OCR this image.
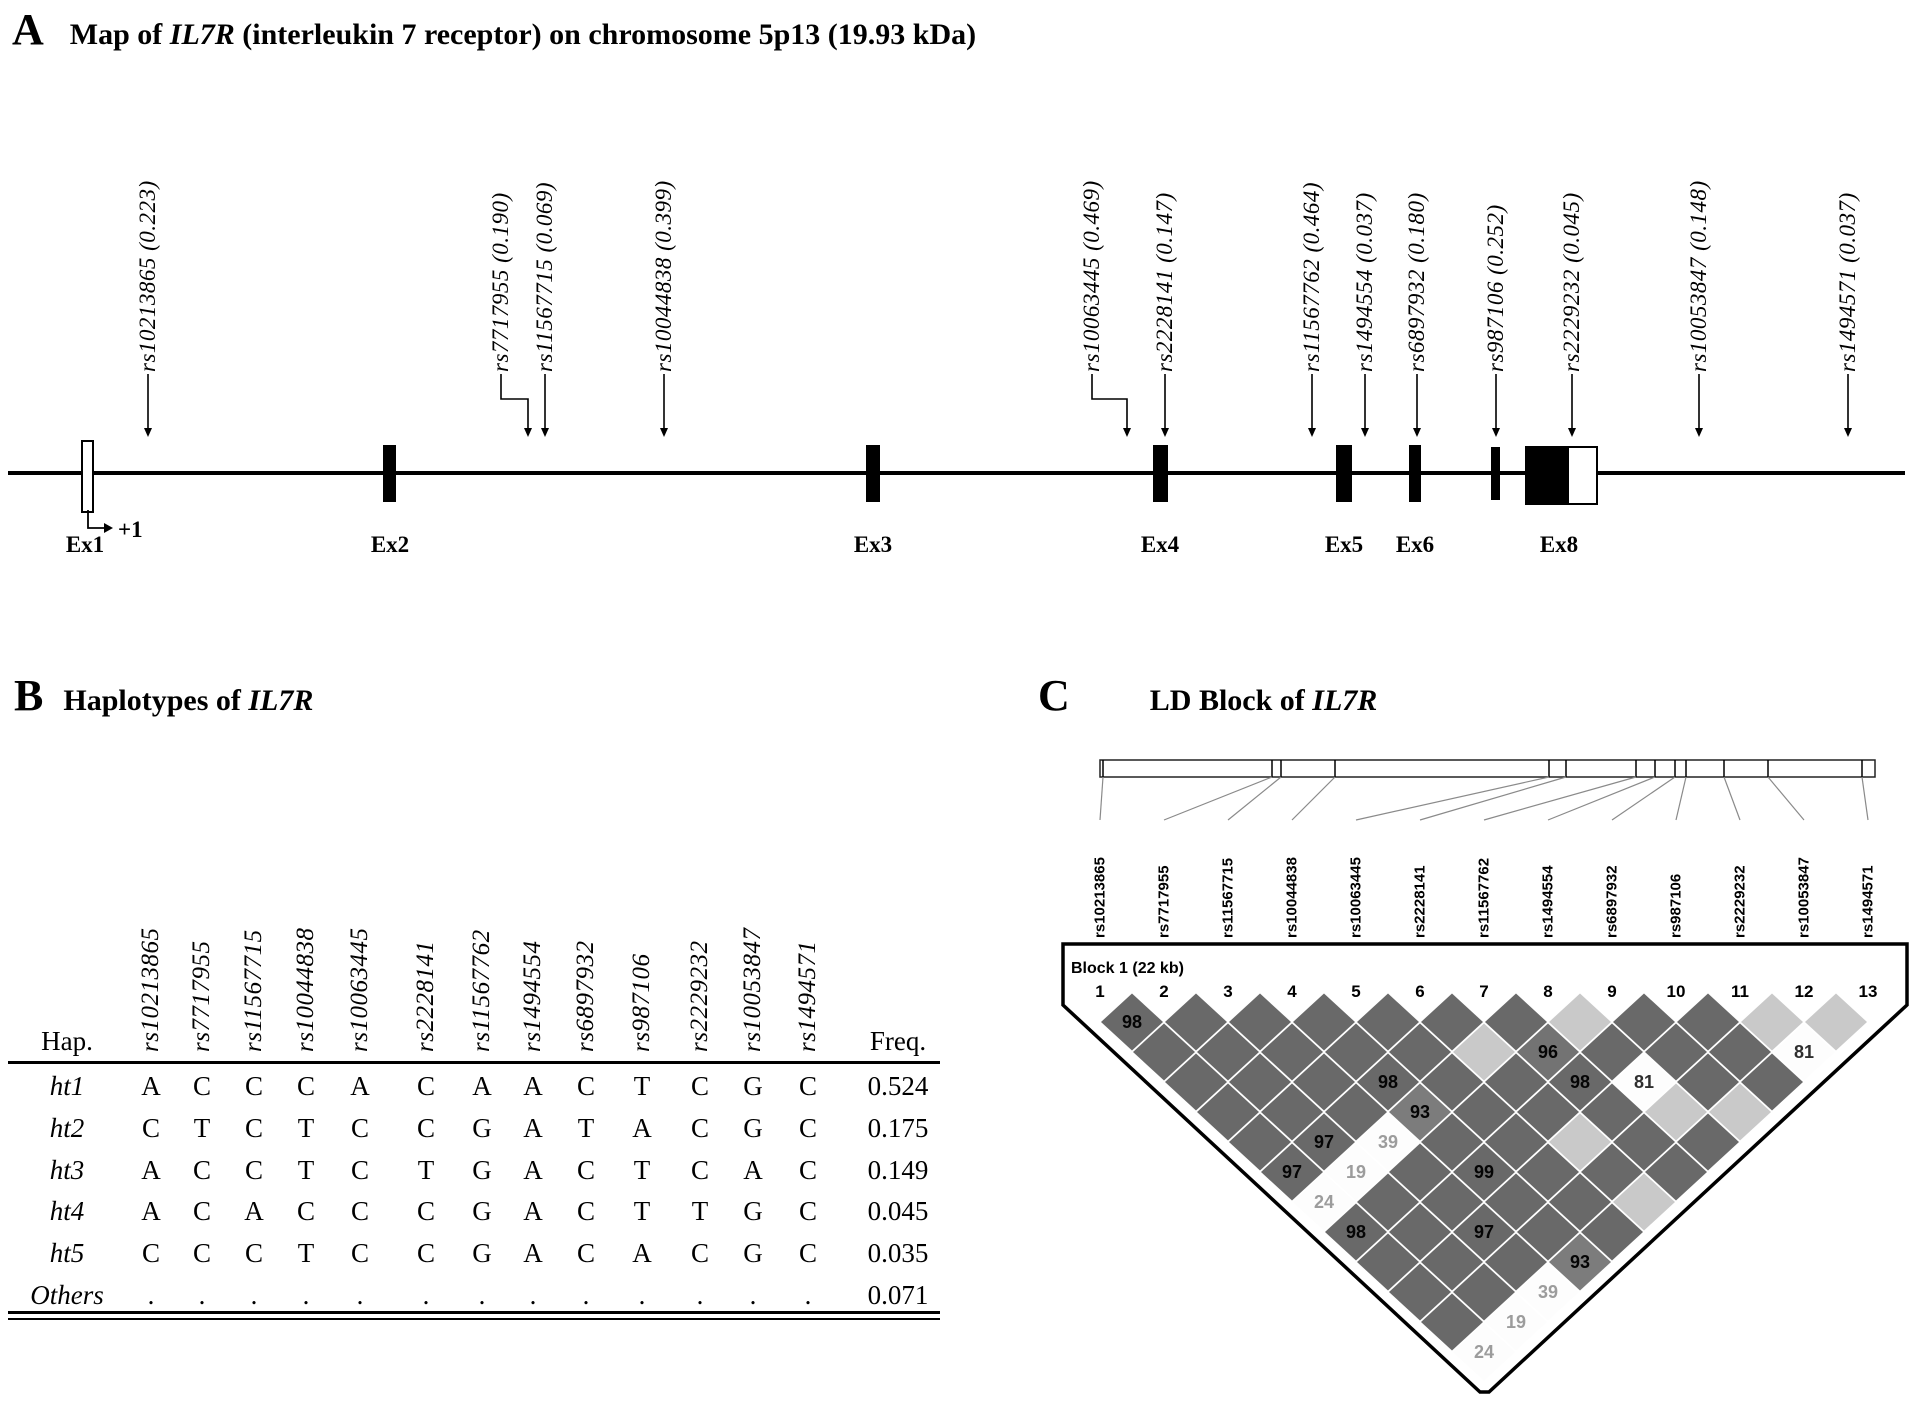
A Map of IL7R (interleukin 7 receptor) on chromosome 5p13 (19.93 kDa)
Ex1	Ex2	Ex3	Ex4	Ex5 Ex6	Ex8
+1
rs10213865 (0.223)	rs7717955 (0.190) rs11567715 (0.069)	rs10044838 (0.399)	rs10063445 (0.469) rs2228141 (0.147)	rs11567762 (0.464) rs1494554 (0.037) rs6897932 (0.180) rs987106 (0.252) rs2229232 (0.045)	rs10053847 (0.148)	rs1494571 (0.037)
B Haplotypes of IL7R
rs10213865 rs7717955 rs11567715 rs10044838 rs10063445 rs2228141 rs11567762 rs1494554 rs6897932 rs987106 rs2229232 rs10053847 rs1494571
Hap.	Freq.
ht1	A	C	C	C	A	C	A	A	C	T	C	G	C	0.524
ht2	C	T	C	T	C	C	G	A	T	A	C	G	C	0.175
ht3	A	C	C	T	C	T	G	A	C	T	C	A	C	0.149
ht4	A	C	A	C	C	C	G	A	C	T	T	G	C	0.045
ht5	C	C	C	T	C	C	G	A	C	A	C	G	C	0.035
Others	.	.	.	.	.	.	.	.	.	.	.	.	.	0.071
C	LD Block of IL7R
Block 1 (22 kb)
1	2	3	4	5	6	7	8	9	10	11	12	13
98
96	81
98	98 81
93
97 39
97 19	99
24
98	97
93
39
19
24
rs10213865	rs7717955	rs11567715	rs10044838	rs10063445	rs2228141	rs11567762	rs1494554	rs6897932	rs987106	rs2229232	rs10053847	rs1494571
